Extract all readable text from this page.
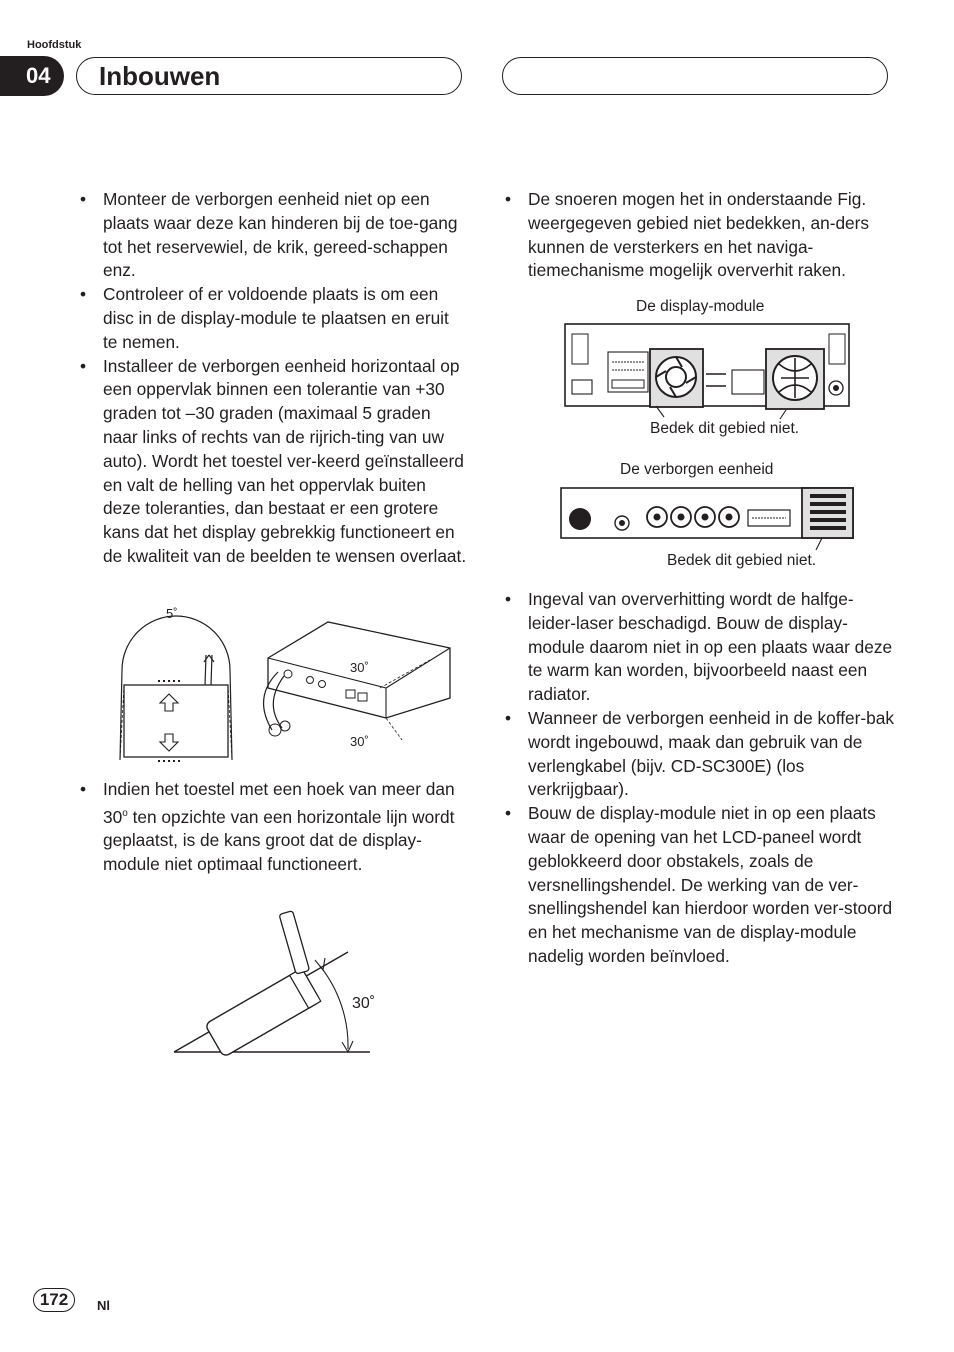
Hoofdstuk
04	Inbouwen
• Monteer de verborgen eenheid niet op een plaats waar deze kan hinderen bij de toe-gang tot het reservewiel, de krik, gereed-schappen enz.
• Controleer of er voldoende plaats is om een disc in de display-module te plaatsen en eruit te nemen.
• Installeer de verborgen eenheid horizontaal op een oppervlak binnen een tolerantie van +30 graden tot –30 graden (maximaal 5 graden naar links of rechts van de rijrich-ting van uw auto). Wordt het toestel ver-keerd geïnstalleerd en valt de helling van het oppervlak buiten deze toleranties, dan bestaat er een grotere kans dat het display gebrekkig functioneert en de kwaliteit van de beelden te wensen overlaat.
5˚
30˚
30˚
• Indien het toestel met een hoek van meer dan 30$^o$ ten opzichte van een horizontale lijn wordt geplaatst, is de kans groot dat de display-module niet optimaal functioneert.
30˚
• De snoeren mogen het in onderstaande Fig. weergegeven gebied niet bedekken, an-ders kunnen de versterkers en het naviga-tiemechanisme mogelijk oververhit raken.
De display-module
Bedek dit gebied niet.
De verborgen eenheid
Bedek dit gebied niet.
• Ingeval van oververhitting wordt de halfge-leider-laser beschadigd. Bouw de display-module daarom niet in op een plaats waar deze te warm kan worden, bijvoorbeeld naast een radiator.
• Wanneer de verborgen eenheid in de koffer-bak wordt ingebouwd, maak dan gebruik van de verlengkabel (bijv. CD-SC300E) (los verkrijgbaar).
• Bouw de display-module niet in op een plaats waar de opening van het LCD-paneel wordt geblokkeerd door obstakels, zoals de versnellingshendel. De werking van de ver-snellingshendel kan hierdoor worden ver-stoord en het mechanisme van de display-module nadelig worden beïnvloed.
172	Nl
